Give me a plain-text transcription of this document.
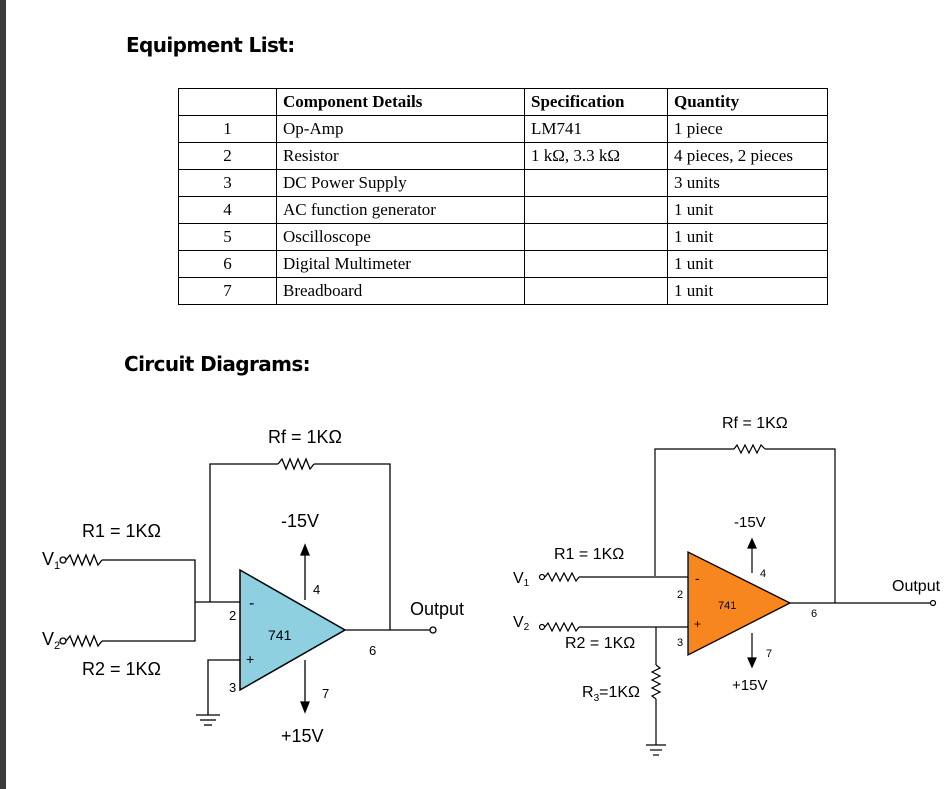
Equipment List:
	Component Details	Specification	Quantity
1	Op-Amp	LM741	1 piece
2	Resistor	1 kΩ, 3.3 kΩ	4 pieces, 2 pieces
3	DC Power Supply		3 units
4	AC function generator		1 unit
5	Oscilloscope		1 unit
6	Digital Multimeter		1 unit
7	Breadboard		1 unit
Circuit Diagrams:
Rf = 1KΩ
R1 = 1KΩ
$V_1$
$V_2$
R2 = 1KΩ
-15V
+15V
741
2
3
4
6
7
-
+
Output
Rf = 1KΩ
R1 = 1KΩ
V1
V2
R2 = 1KΩ
$R_3=1K\Omega$
-15V
+15V
741
2
3
4
6
7
-
+
Output
